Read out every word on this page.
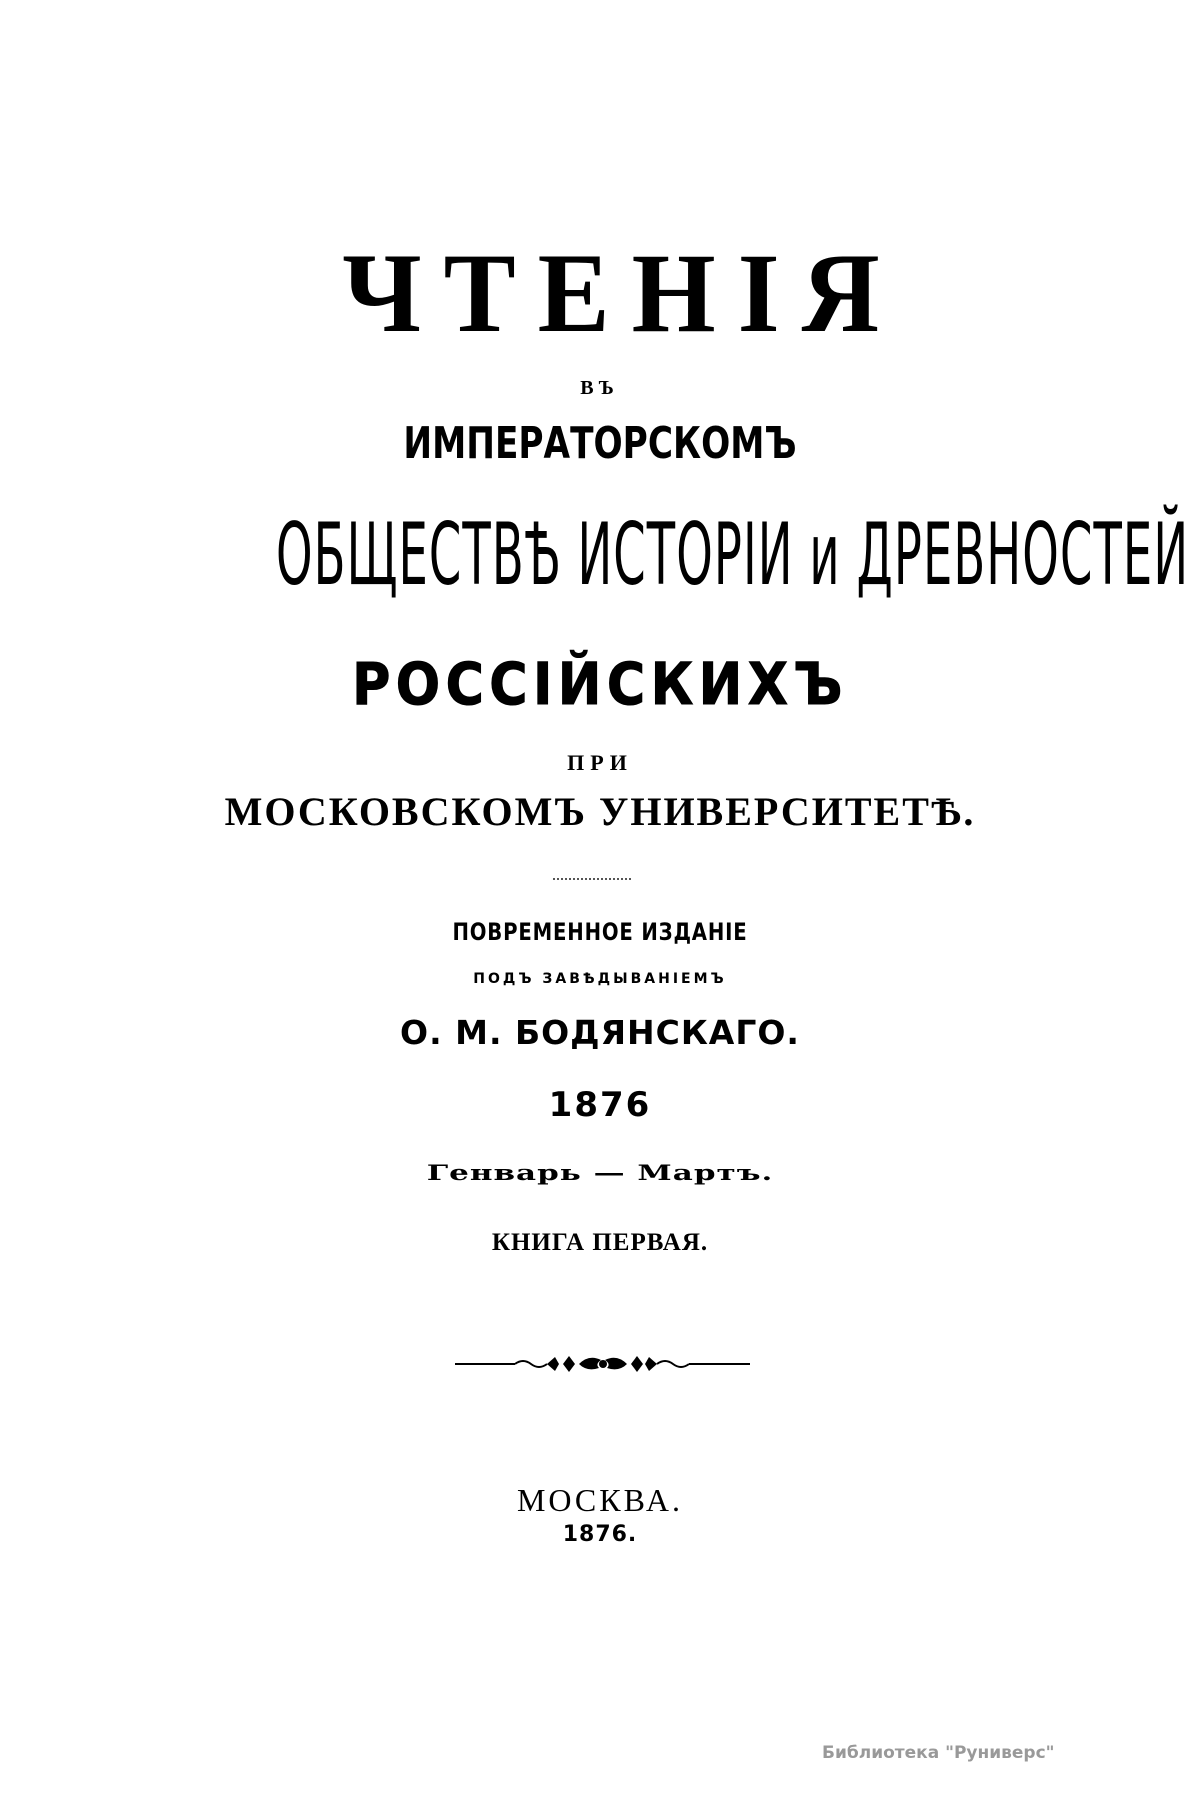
ЧТЕНІЯ
ВЪ
ИМПЕРАТОРСКОМЪ
ОБЩЕСТВѢ ИСТОРІИ и ДРЕВНОСТЕЙ
РОССІЙСКИХЪ
ПРИ
МОСКОВСКОМЪ УНИВЕРСИТЕТѢ.
ПОВРЕМЕННОЕ ИЗДАНІЕ
ПОДЪ ЗАВѢДЫВАНІЕМЪ
О. М. БОДЯНСКАГО.
1876
Генварь — Мартъ.
КНИГА ПЕРВАЯ.
МОСКВА.
1876.
Библиотека "Руниверс"
